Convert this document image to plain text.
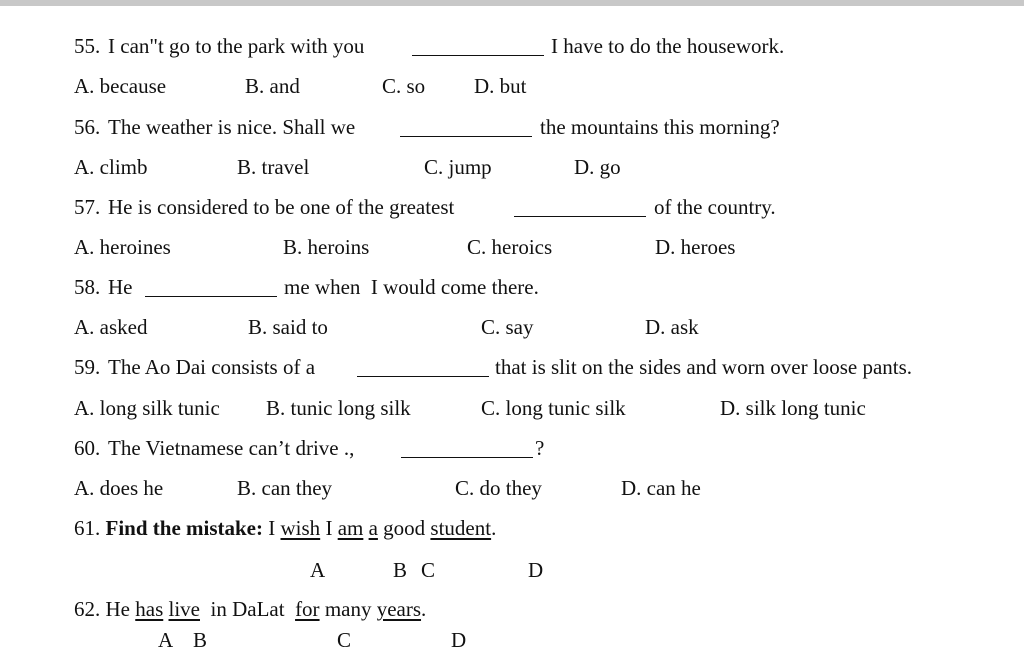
55. I can"t go to the park with you	I have to do the housework.
A. because	B. and	C. so D. but
56. The weather is nice. Shall we	the mountains this morning?
A. climb	B. travel	C. jump	D. go
57. He is considered to be one of the greatest	of the country.
A. heroines	B. heroins	C. heroics	D. heroes
58. He	me when  I would come there.
A. asked	B. said to	C. say	D. ask
59. The Ao Dai consists of a	that is slit on the sides and worn over loose pants.
A. long silk tunic B. tunic long silk	C. long tunic silk	D. silk long tunic
60. The Vietnamese can’t drive .,	?
A. does he	B. can they	C. do they	D. can he
61. Find the mistake: I wish I am a good student.
A	B C	D
62. He has live in DaLat for many years.
A B	C	D
